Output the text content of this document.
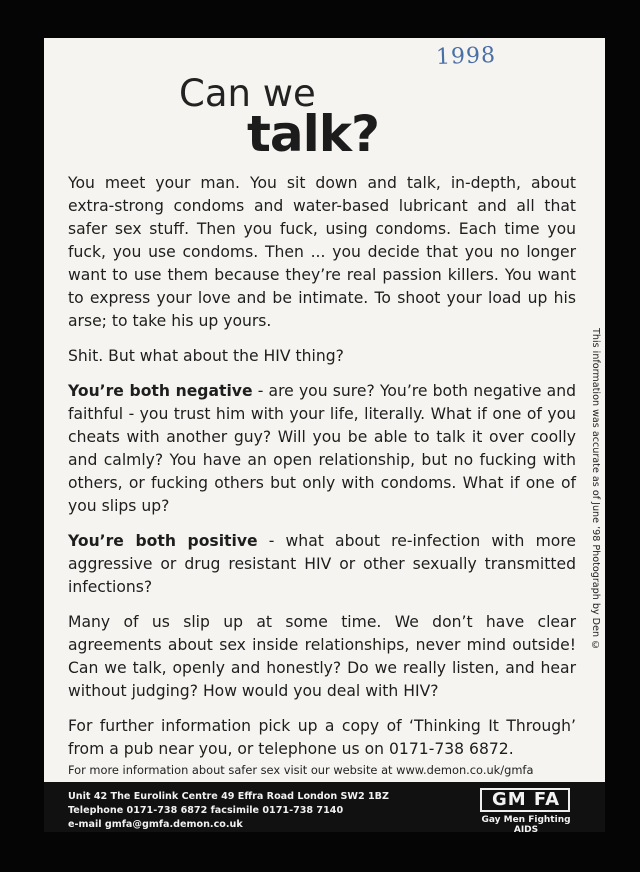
1998
Can we
talk?

You meet your man. You sit down and talk, in-depth, about extra-strong condoms and water-based lubricant and all that safer sex stuff. Then you fuck, using condoms. Each time you fuck, you use condoms. Then ... you decide that you no longer want to use them because they’re real passion killers. You want to express your love and be intimate. To shoot your load up his arse; to take his up yours.

Shit. But what about the HIV thing?

You’re both negative - are you sure? You’re both negative and faithful - you trust him with your life, literally. What if one of you cheats with another guy? Will you be able to talk it over coolly and calmly? You have an open relationship, but no fucking with others, or fucking others but only with condoms. What if one of you slips up?

You’re both positive - what about re-infection with more aggressive or drug resistant HIV or other sexually transmitted infections?

Many of us slip up at some time. We don’t have clear agreements about sex inside relationships, never mind outside! Can we talk, openly and honestly? Do we really listen, and hear without judging? How would you deal with HIV?

For further information pick up a copy of ‘Thinking It Through’ from a pub near you, or telephone us on 0171-738 6872.

For more information about safer sex visit our website at www.demon.co.uk/gmfa
This information was accurate as of June ’98 Photograph by Den ©
Unit 42 The Eurolink Centre 49 Effra Road London SW2 1BZ
Telephone 0171-738 6872 facsimile 0171-738 7140
e-mail gmfa@gmfa.demon.co.uk
GM FA
Gay Men Fighting AIDS
